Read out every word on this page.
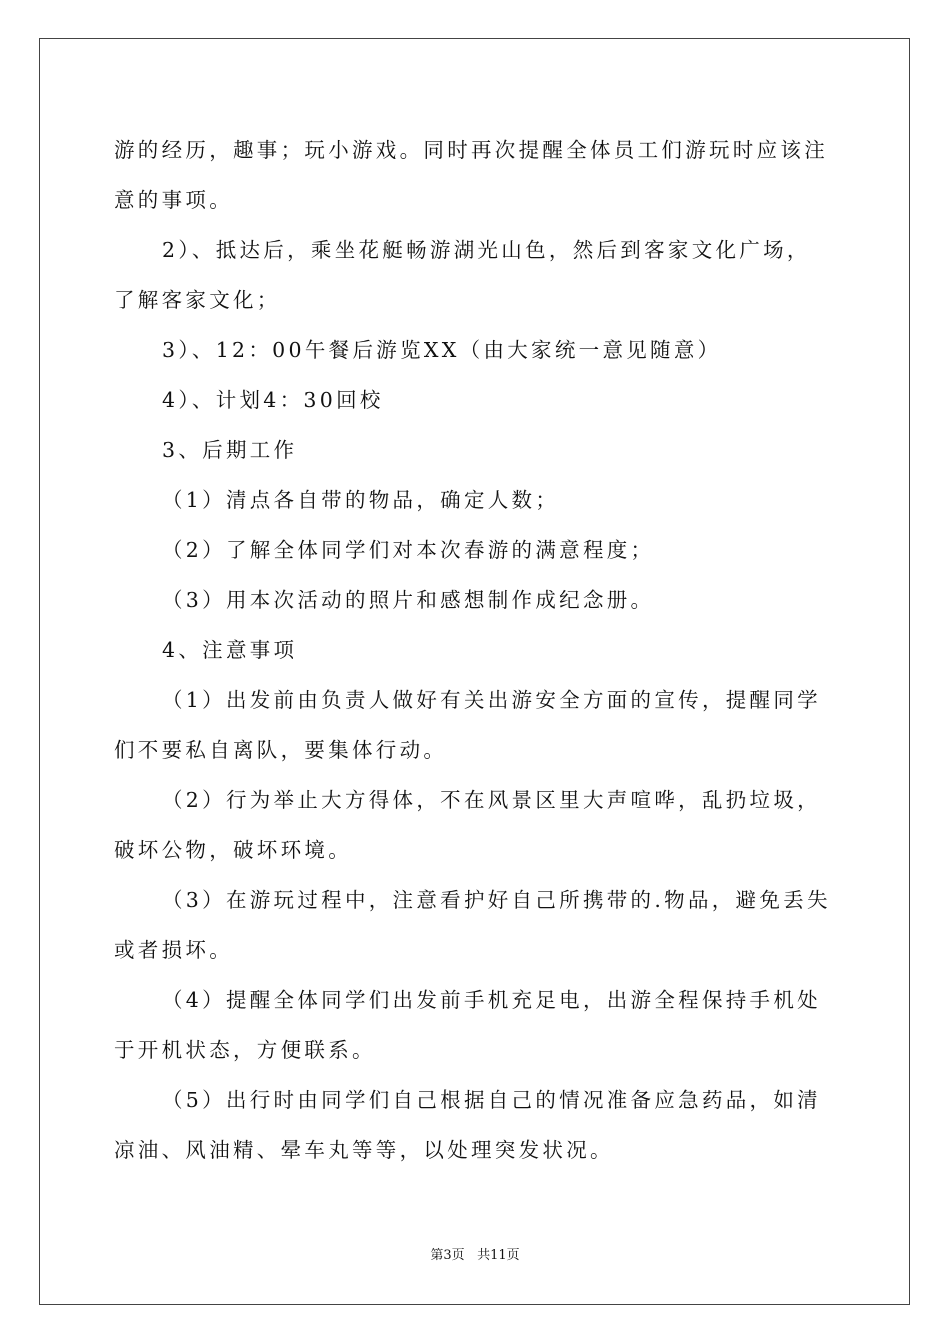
游的经历，趣事；玩小游戏。同时再次提醒全体员工们游玩时应该注
意的事项。
2）、抵达后，乘坐花艇畅游湖光山色，然后到客家文化广场，
了解客家文化；
3）、12：00午餐后游览XX（由大家统一意见随意）
4）、计划4：30回校
3、后期工作
（1）清点各自带的物品，确定人数；
（2）了解全体同学们对本次春游的满意程度；
（3）用本次活动的照片和感想制作成纪念册。
4、注意事项
（1）出发前由负责人做好有关出游安全方面的宣传，提醒同学
们不要私自离队，要集体行动。
（2）行为举止大方得体，不在风景区里大声喧哗，乱扔垃圾，
破坏公物，破坏环境。
（3）在游玩过程中，注意看护好自己所携带的.物品，避免丢失
或者损坏。
（4）提醒全体同学们出发前手机充足电，出游全程保持手机处
于开机状态，方便联系。
（5）出行时由同学们自己根据自己的情况准备应急药品，如清
凉油、风油精、晕车丸等等，以处理突发状况。
第3页 共11页
